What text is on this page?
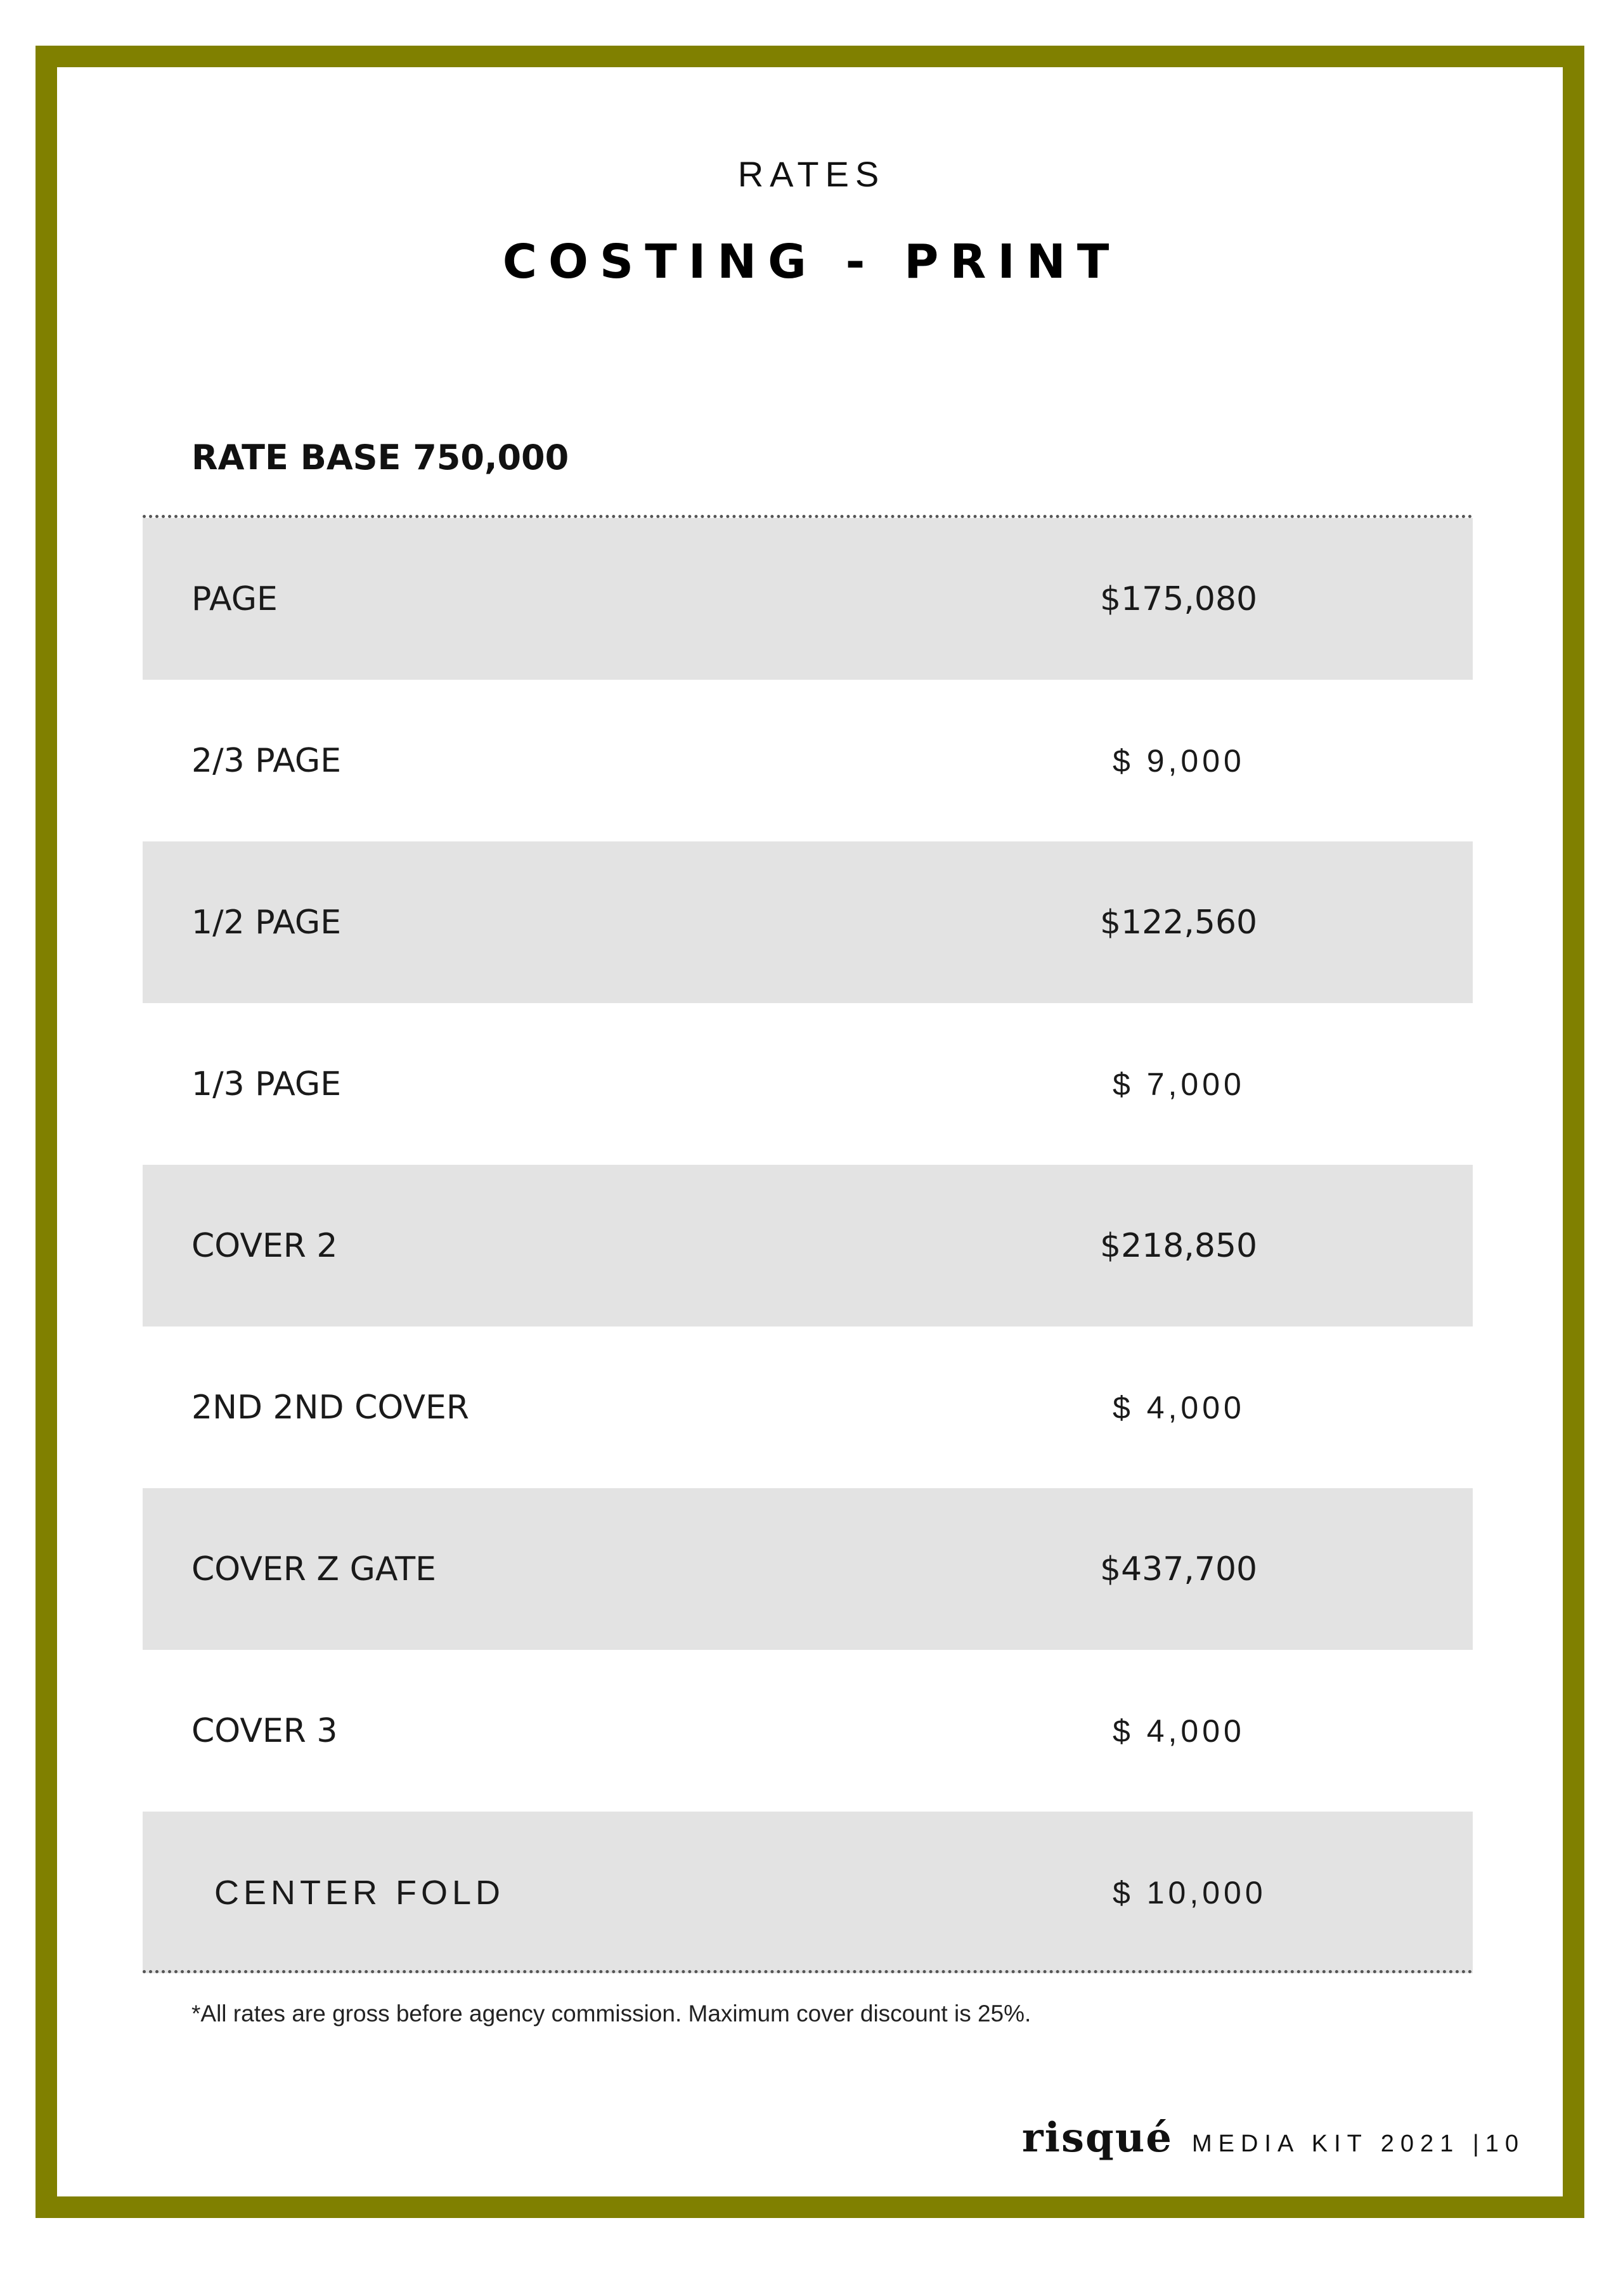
RATES
COSTING - PRINT
RATE BASE 750,000
PAGE	$175,080
2/3 PAGE	$ 9,000
1/2 PAGE	$122,560
1/3 PAGE	$ 7,000
COVER 2	$218,850
2ND 2ND COVER	$ 4,000
COVER Z GATE	$437,700
COVER 3	$ 4,000
CENTER FOLD	$ 10,000
*All rates are gross before agency commission. Maximum cover discount is 25%.
risqué MEDIA KIT 2021 |10
